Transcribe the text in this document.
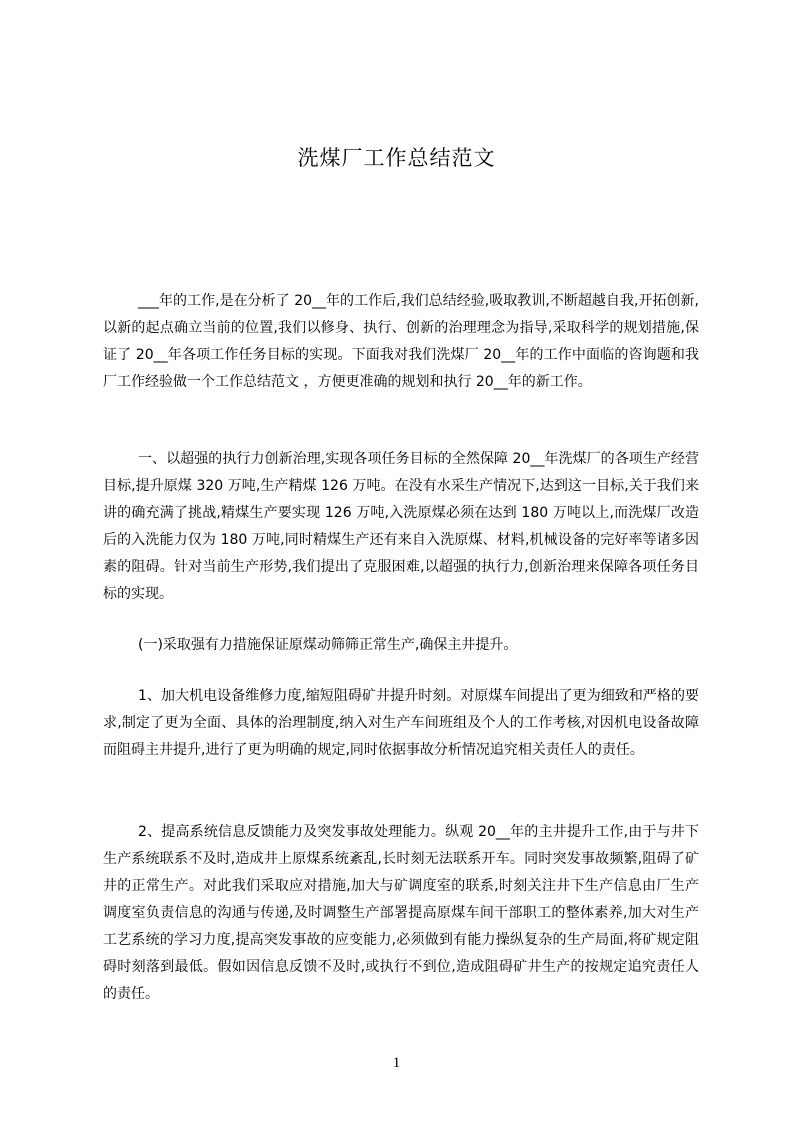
洗煤厂工作总结范文

___年的工作,是在分析了 20__年的工作后,我们总结经验,吸取教训,不断超越自我,开拓创新,以新的起点确立当前的位置,我们以修身、执行、创新的治理理念为指导,采取科学的规划措施,保证了 20__年各项工作任务目标的实现。下面我对我们洗煤厂 20__年的工作中面临的咨询题和我厂工作经验做一个工作总结范文 ，方便更准确的规划和执行 20__年的新工作。

一、以超强的执行力创新治理,实现各项任务目标的全然保障 20__年洗煤厂的各项生产经营目标,提升原煤 320 万吨,生产精煤 126 万吨。在没有水采生产情况下,达到这一目标,关于我们来讲的确充满了挑战,精煤生产要实现 126 万吨,入洗原煤必须在达到 180 万吨以上,而洗煤厂改造后的入洗能力仅为 180 万吨,同时精煤生产还有来自入洗原煤、材料,机械设备的完好率等诸多因素的阻碍。针对当前生产形势,我们提出了克服困难,以超强的执行力,创新治理来保障各项任务目标的实现。

(一)采取强有力措施保证原煤动筛筛正常生产,确保主井提升。

1、加大机电设备维修力度,缩短阻碍矿井提升时刻。对原煤车间提出了更为细致和严格的要求,制定了更为全面、具体的治理制度,纳入对生产车间班组及个人的工作考核,对因机电设备故障而阻碍主井提升,进行了更为明确的规定,同时依据事故分析情况追究相关责任人的责任。

2、提高系统信息反馈能力及突发事故处理能力。纵观 20__年的主井提升工作,由于与井下生产系统联系不及时,造成井上原煤系统紊乱,长时刻无法联系开车。同时突发事故频繁,阻碍了矿井的正常生产。对此我们采取应对措施,加大与矿调度室的联系,时刻关注井下生产信息由厂生产调度室负责信息的沟通与传递,及时调整生产部署提高原煤车间干部职工的整体素养,加大对生产工艺系统的学习力度,提高突发事故的应变能力,必须做到有能力操纵复杂的生产局面,将矿规定阻碍时刻落到最低。假如因信息反馈不及时,或执行不到位,造成阻碍矿井生产的按规定追究责任人的责任。

1
